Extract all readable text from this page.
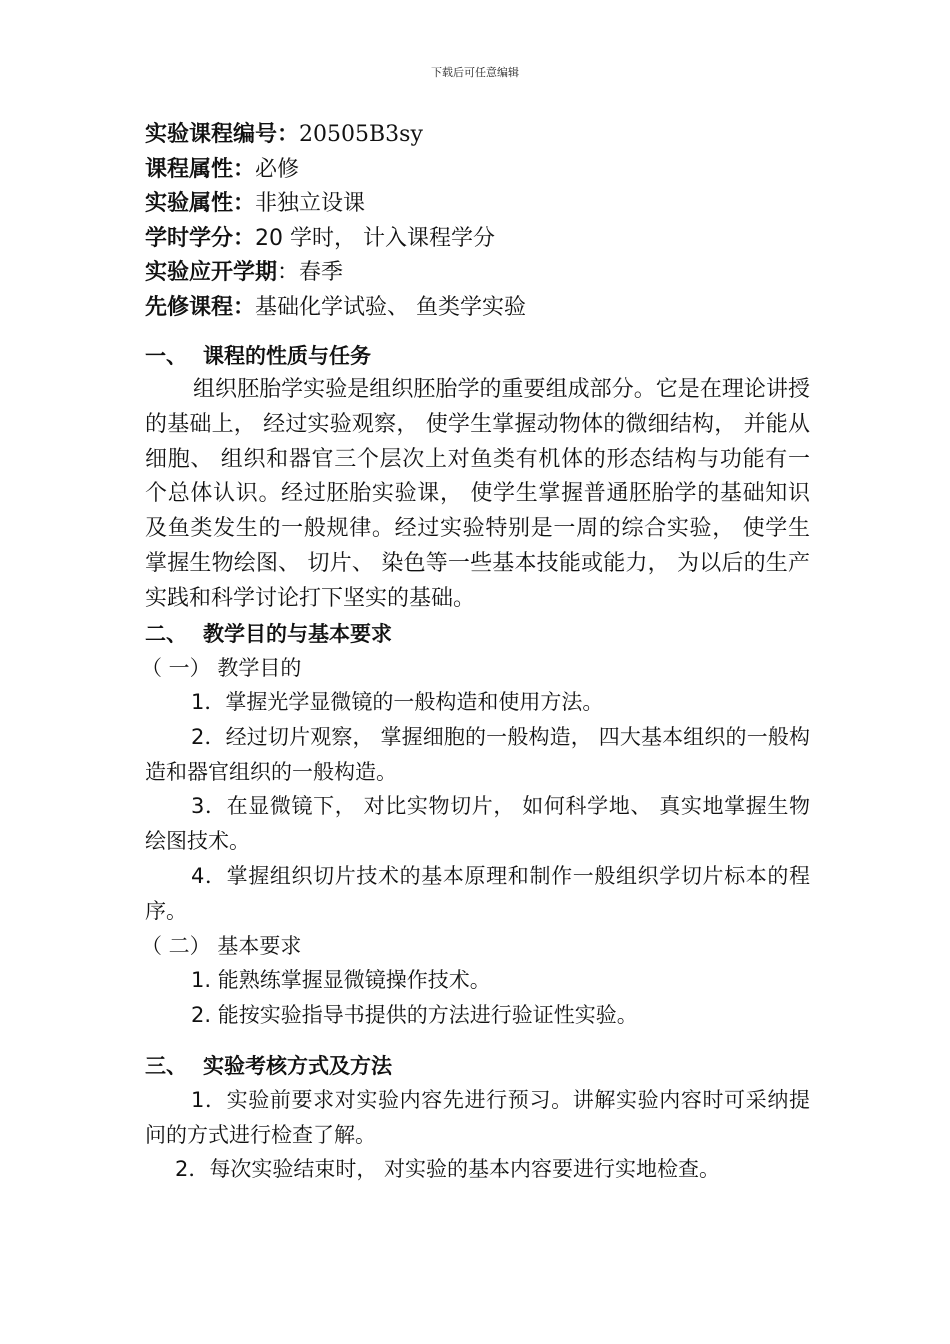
下载后可任意编辑
实验课程编号：20505B3sy
课程属性：必修
实验属性：非独立设课
学时学分：20 学时， 计入课程学分
实验应开学期：春季
先修课程：基础化学试验、 鱼类学实验
一、 课程的性质与任务

组织胚胎学实验是组织胚胎学的重要组成部分。它是在理论讲授的基础上， 经过实验观察， 使学生掌握动物体的微细结构， 并能从细胞、 组织和器官三个层次上对鱼类有机体的形态结构与功能有一个总体认识。经过胚胎实验课， 使学生掌握普通胚胎学的基础知识及鱼类发生的一般规律。经过实验特别是一周的综合实验， 使学生掌握生物绘图、 切片、 染色等一些基本技能或能力， 为以后的生产实践和科学讨论打下坚实的基础。

二、 教学目的与基本要求

（ 一） 教学目的

1．掌握光学显微镜的一般构造和使用方法。

2．经过切片观察， 掌握细胞的一般构造， 四大基本组织的一般构造和器官组织的一般构造。

3．在显微镜下， 对比实物切片， 如何科学地、 真实地掌握生物绘图技术。

4．掌握组织切片技术的基本原理和制作一般组织学切片标本的程序。

（ 二） 基本要求

1. 能熟练掌握显微镜操作技术。

2. 能按实验指导书提供的方法进行验证性实验。

三、 实验考核方式及方法

1．实验前要求对实验内容先进行预习。讲解实验内容时可采纳提问的方式进行检查了解。

2．每次实验结束时， 对实验的基本内容要进行实地检查。
